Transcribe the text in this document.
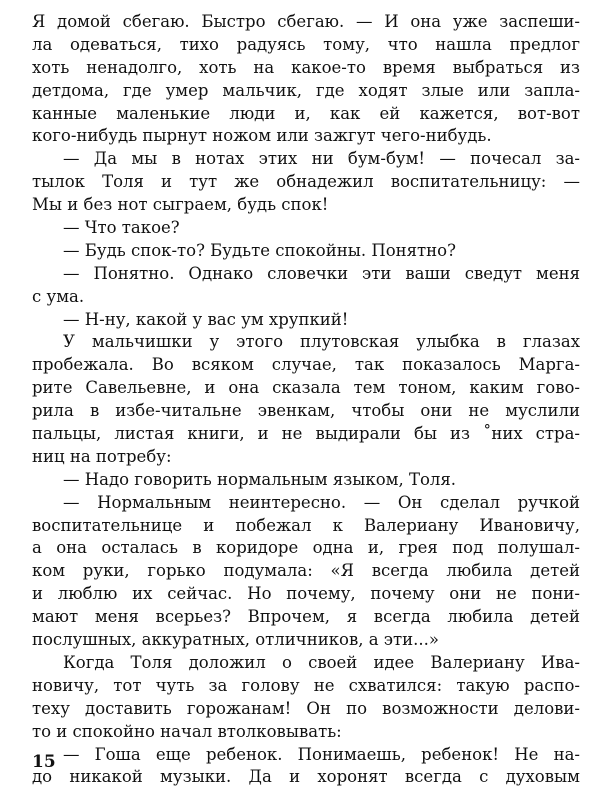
Я домой сбегаю. Быстро сбегаю. — И она уже заспеши-
ла одеваться, тихо радуясь тому, что нашла предлог
хоть ненадолго, хоть на какое-то время выбраться из
детдома, где умер мальчик, где ходят злые или запла-
канные маленькие люди и, как ей кажется, вот-вот
кого-нибудь пырнут ножом или зажгут чего-нибудь.
— Да мы в нотах этих ни бум-бум! — почесал за-
тылок Толя и тут же обнадежил воспитательницу: —
Мы и без нот сыграем, будь спок!
— Что такое?
— Будь спок-то? Будьте спокойны. Понятно?
— Понятно. Однако словечки эти ваши сведут меня
с ума.
— Н-ну, какой у вас ум хрупкий!
У мальчишки у этого плутовская улыбка в глазах
пробежала. Во всяком случае, так показалось Марга-
рите Савельевне, и она сказала тем тоном, каким гово-
рила в избе-читальне эвенкам, чтобы они не муслили
пальцы, листая книги, и не выдирали бы из ˚них стра-
ниц на потребу:
— Надо говорить нормальным языком, Толя.
— Нормальным неинтересно. — Он сделал ручкой
воспитательнице и побежал к Валериану Ивановичу,
а она осталась в коридоре одна и, грея под полушал-
ком руки, горько подумала: «Я всегда любила детей
и люблю их сейчас. Но почему, почему они не пони-
мают меня всерьез? Впрочем, я всегда любила детей
послушных, аккуратных, отличников, а эти...»
Когда Толя доложил о своей идее Валериану Ива-
новичу, тот чуть за голову не схватился: такую распо-
теху доставить горожанам! Он по возможности делови-
то и спокойно начал втолковывать:
— Гоша еще ребенок. Понимаешь, ребенок! Не на-
до никакой музыки. Да и хоронят всегда с духовым
15
